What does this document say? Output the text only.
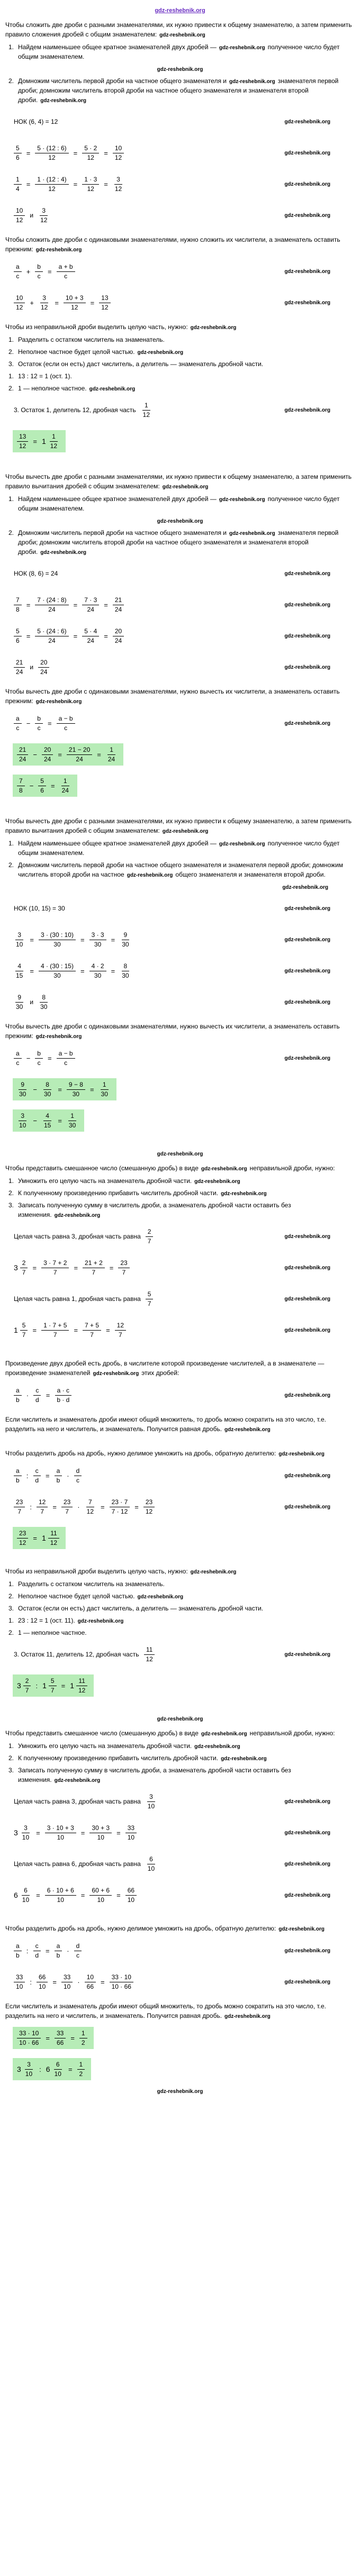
gdz-reshebnik.org
Чтобы сложить две дроби с разными знаменателями, их нужно привести к общему знаменателю, а затем применить правило сложения дробей с общим знаменателем: gdz-reshebnik.org
1. Найдем наименьшее общее кратное знаменателей двух дробей — gdz-reshebnik.org полученное число будет общим знаменателем.
gdz-reshebnik.org
2. Домножим числитель первой дроби на частное общего знаменателя и gdz-reshebnik.org знаменателя первой дроби; домножим числитель второй дроби на частное общего знаменателя и знаменателя второй дроби. gdz-reshebnik.org
НОК (6, 4) = 12	gdz-reshebnik.org
$\frac{5}{6} = \frac{5 \cdot (12 : 6)}{12} = \frac{5 \cdot 2}{12} = \frac{10}{12}$	gdz-reshebnik.org
$\frac{1}{4} = \frac{1 \cdot (12 : 4)}{12} = \frac{1 \cdot 3}{12} = \frac{3}{12}$	gdz-reshebnik.org
$\frac{10}{12}$ и $\frac{3}{12}$	gdz-reshebnik.org
Чтобы сложить две дроби с одинаковыми знаменателями, нужно сложить их числители, а знаменатель оставить прежним: gdz-reshebnik.org
$\frac{a}{c} + \frac{b}{c} = \frac{a + b}{c}$	gdz-reshebnik.org
$\frac{10}{12} + \frac{3}{12} = \frac{10 + 3}{12} = \frac{13}{12}$	gdz-reshebnik.org
Чтобы из неправильной дроби выделить целую часть, нужно: gdz-reshebnik.org
1. Разделить с остатком числитель на знаменатель.
2. Неполное частное будет целой частью. gdz-reshebnik.org
3. Остаток (если он есть) даст числитель, а делитель — знаменатель дробной части.
1. 13 : 12 = 1 (ост. 1).
2. 1 — неполное частное. gdz-reshebnik.org
3. Остаток 1, делитель 12, дробная часть $\frac{1}{12}$	gdz-reshebnik.org
$\frac{13}{12} = 1 \frac{1}{12}$
Чтобы вычесть две дроби с разными знаменателями, их нужно привести к общему знаменателю, а затем применить правило вычитания дробей с общим знаменателем: gdz-reshebnik.org
1. Найдем наименьшее общее кратное знаменателей двух дробей — gdz-reshebnik.org полученное число будет общим знаменателем.
gdz-reshebnik.org
2. Домножим числитель первой дроби на частное общего знаменателя и gdz-reshebnik.org знаменателя первой дроби; домножим числитель второй дроби на частное общего знаменателя и знаменателя второй дроби. gdz-reshebnik.org
НОК (8, 6) = 24	gdz-reshebnik.org
$\frac{7}{8} = \frac{7 \cdot (24 : 8)}{24} = \frac{7 \cdot 3}{24} = \frac{21}{24}$	gdz-reshebnik.org
$\frac{5}{6} = \frac{5 \cdot (24 : 6)}{24} = \frac{5 \cdot 4}{24} = \frac{20}{24}$	gdz-reshebnik.org
$\frac{21}{24}$ и $\frac{20}{24}$	gdz-reshebnik.org
Чтобы вычесть две дроби с одинаковыми знаменателями, нужно вычесть их числители, а знаменатель оставить прежним: gdz-reshebnik.org
$\frac{a}{c} - \frac{b}{c} = \frac{a - b}{c}$	gdz-reshebnik.org
$\frac{21}{24} - \frac{20}{24} = \frac{21 - 20}{24} = \frac{1}{24}$
$\frac{7}{8} - \frac{5}{6} = \frac{1}{24}$
Чтобы вычесть две дроби с разными знаменателями, их нужно привести к общему знаменателю, а затем применить правило вычитания дробей с общим знаменателем: gdz-reshebnik.org
1. Найдем наименьшее общее кратное знаменателей двух дробей — gdz-reshebnik.org полученное число будет общим знаменателем.
2. Домножим числитель первой дроби на частное общего знаменателя и знаменателя первой дроби; домножим числитель второй дроби на частное gdz-reshebnik.org общего знаменателя и знаменателя второй дроби.
gdz-reshebnik.org
НОК (10, 15) = 30	gdz-reshebnik.org
$\frac{3}{10} = \frac{3 \cdot (30 : 10)}{30} = \frac{3 \cdot 3}{30} = \frac{9}{30}$	gdz-reshebnik.org
$\frac{4}{15} = \frac{4 \cdot (30 : 15)}{30} = \frac{4 \cdot 2}{30} = \frac{8}{30}$	gdz-reshebnik.org
$\frac{9}{30}$ и $\frac{8}{30}$	gdz-reshebnik.org
Чтобы вычесть две дроби с одинаковыми знаменателями, нужно вычесть их числители, а знаменатель оставить прежним: gdz-reshebnik.org
$\frac{a}{c} - \frac{b}{c} = \frac{a - b}{c}$	gdz-reshebnik.org
$\frac{9}{30} - \frac{8}{30} = \frac{9 - 8}{30} = \frac{1}{30}$
$\frac{3}{10} - \frac{4}{15} = \frac{1}{30}$
gdz-reshebnik.org
Чтобы представить смешанное число (смешанную дробь) в виде gdz-reshebnik.org неправильной дроби, нужно:
1. Умножить его целую часть на знаменатель дробной части. gdz-reshebnik.org
2. К полученному произведению прибавить числитель дробной части. gdz-reshebnik.org
3. Записать полученную сумму в числитель дроби, а знаменатель дробной части оставить без изменения. gdz-reshebnik.org
Целая часть равна 3, дробная часть равна $\frac{2}{7}$	gdz-reshebnik.org
$3 \frac{2}{7} = \frac{3 \cdot 7 + 2}{7} = \frac{21 + 2}{7} = \frac{23}{7}$	gdz-reshebnik.org
Целая часть равна 1, дробная часть равна $\frac{5}{7}$	gdz-reshebnik.org
$1 \frac{5}{7} = \frac{1 \cdot 7 + 5}{7} = \frac{7 + 5}{7} = \frac{12}{7}$	gdz-reshebnik.org
Произведение двух дробей есть дробь, в числителе которой произведение числителей, а в знаменателе — произведение знаменателей gdz-reshebnik.org этих дробей:
$\frac{a}{b} \cdot \frac{c}{d} = \frac{a \cdot c}{b \cdot d}$	gdz-reshebnik.org
Если числитель и знаменатель дроби имеют общий множитель, то дробь можно сократить на это число, т.е. разделить на него и числитель, и знаменатель. Получится равная дробь. gdz-reshebnik.org
Чтобы разделить дробь на дробь, нужно делимое умножить на дробь, обратную делителю: gdz-reshebnik.org
$\frac{a}{b}$ : $\frac{c}{d} = \frac{a}{b} \cdot \frac{d}{c}$	gdz-reshebnik.org
$\frac{23}{7}$ : $\frac{12}{7} = \frac{23}{7} \cdot \frac{7}{12} = \frac{23 \cdot 7}{7 \cdot 12} = \frac{23}{12}$	gdz-reshebnik.org
$\frac{23}{12} = 1 \frac{11}{12}$
Чтобы из неправильной дроби выделить целую часть, нужно: gdz-reshebnik.org
1. Разделить с остатком числитель на знаменатель.
2. Неполное частное будет целой частью. gdz-reshebnik.org
3. Остаток (если он есть) даст числитель, а делитель — знаменатель дробной части.
1. 23 : 12 = 1 (ост. 11). gdz-reshebnik.org
2. 1 — неполное частное.
3. Остаток 11, делитель 12, дробная часть $\frac{11}{12}$	gdz-reshebnik.org
$3 \frac{2}{7}$ : $1 \frac{5}{7} = 1 \frac{11}{12}$
gdz-reshebnik.org
Чтобы представить смешанное число (смешанную дробь) в виде gdz-reshebnik.org неправильной дроби, нужно:
1. Умножить его целую часть на знаменатель дробной части. gdz-reshebnik.org
2. К полученному произведению прибавить числитель дробной части. gdz-reshebnik.org
3. Записать полученную сумму в числитель дроби, а знаменатель дробной части оставить без изменения. gdz-reshebnik.org
Целая часть равна 3, дробная часть равна $\frac{3}{10}$	gdz-reshebnik.org
$3 \frac{3}{10} = \frac{3 \cdot 10 + 3}{10} = \frac{30 + 3}{10} = \frac{33}{10}$	gdz-reshebnik.org
Целая часть равна 6, дробная часть равна $\frac{6}{10}$	gdz-reshebnik.org
$6 \frac{6}{10} = \frac{6 \cdot 10 + 6}{10} = \frac{60 + 6}{10} = \frac{66}{10}$	gdz-reshebnik.org
Чтобы разделить дробь на дробь, нужно делимое умножить на дробь, обратную делителю: gdz-reshebnik.org
$\frac{a}{b}$ : $\frac{c}{d} = \frac{a}{b} \cdot \frac{d}{c}$	gdz-reshebnik.org
$\frac{33}{10}$ : $\frac{66}{10} = \frac{33}{10} \cdot \frac{10}{66} = \frac{33 \cdot 10}{10 \cdot 66}$	gdz-reshebnik.org
Если числитель и знаменатель дроби имеют общий множитель, то дробь можно сократить на это число, т.е. разделить на него и числитель, и знаменатель. Получится равная дробь. gdz-reshebnik.org
$\frac{33 \cdot 10}{10 \cdot 66} = \frac{33}{66} = \frac{1}{2}$
$3 \frac{3}{10}$ : $6 \frac{6}{10} = \frac{1}{2}$
gdz-reshebnik.org
